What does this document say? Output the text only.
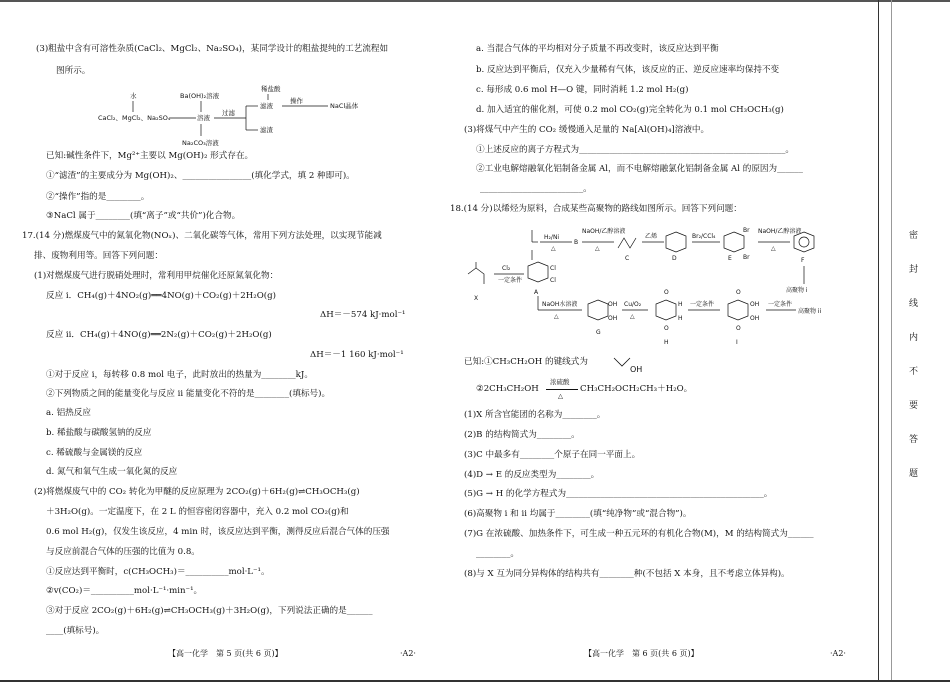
(3)粗盐中含有可溶性杂质(CaCl₂、MgCl₂、Na₂SO₄)，某同学设计的粗盐提纯的工艺流程如
图所示。
水
CaCl₂、MgCl₂、Na₂SO₄
Ba(OH)₂溶液
溶液
Na₂CO₃溶液
过滤
滤液
滤渣
稀盐酸
操作
NaCl晶体
已知:碱性条件下，Mg²⁺主要以 Mg(OH)₂ 形式存在。
①“滤渣”的主要成分为 Mg(OH)₂、________________(填化学式，填 2 种即可)。
②“操作”指的是________。
③NaCl 属于________(填“离子”或“共价”)化合物。
17.(14 分)燃煤废气中的氮氧化物(NOₓ)、二氧化碳等气体，常用下列方法处理，以实现节能减
排、废物利用等。回答下列问题：
(1)对燃煤废气进行脱硝处理时，常利用甲烷催化还原氮氧化物：
反应 i．CH₄(g)＋4NO₂(g)══4NO(g)＋CO₂(g)＋2H₂O(g)
ΔH＝－574 kJ·mol⁻¹
反应 ii．CH₄(g)＋4NO(g)══2N₂(g)＋CO₂(g)＋2H₂O(g)
ΔH＝－1 160 kJ·mol⁻¹
①对于反应 i，每转移 0.8 mol 电子，此时放出的热量为________kJ。
②下列物质之间的能量变化与反应 ii 能量变化不符的是________(填标号)。
a. 铝热反应
b. 稀盐酸与碳酸氢钠的反应
c. 稀硫酸与金属镁的反应
d. 氮气和氧气生成一氧化氮的反应
(2)将燃煤废气中的 CO₂ 转化为甲醚的反应原理为 2CO₂(g)＋6H₂(g)⇌CH₃OCH₃(g)
＋3H₂O(g)。一定温度下，在 2 L 的恒容密闭容器中，充入 0.2 mol CO₂(g)和
0.6 mol H₂(g)，仅发生该反应，4 min 时，该反应达到平衡，测得反应后混合气体的压强
与反应前混合气体的压强的比值为 0.8。
①反应达到平衡时，c(CH₃OCH₃)＝__________mol·L⁻¹。
②v(CO₂)＝__________mol·L⁻¹·min⁻¹。
③对于反应 2CO₂(g)＋6H₂(g)⇌CH₃OCH₃(g)＋3H₂O(g)，下列说法正确的是______
____(填标号)。
【高一化学　第 5 页(共 6 页)】	·A2·
a. 当混合气体的平均相对分子质量不再改变时，该反应达到平衡
b. 反应达到平衡后，仅充入少量稀有气体，该反应的正、逆反应速率均保持不变
c. 每形成 0.6 mol H—O 键，同时消耗 1.2 mol H₂(g)
d. 加入适宜的催化剂，可使 0.2 mol CO₂(g)完全转化为 0.1 mol CH₃OCH₃(g)
(3)将煤气中产生的 CO₂ 缓慢通入足量的 Na[Al(OH)₄]溶液中。
①上述反应的离子方程式为________________________________________________。
②工业电解熔融氧化铝制备金属 Al，而不电解熔融氯化铝制备金属 Al 的原因为______
________________________。
18.(14 分)以烯烃为原料，合成某些高聚物的路线如图所示。回答下列问题：
H₂/Ni
△
B
NaOH/乙醇溶液
△
C
乙烯
D
Br₂/CCl₄
Br
Br
E
NaOH/乙醇溶液
△
F
高聚物 i
X
Cl₂
一定条件
Cl
Cl
A
NaOH水溶液
△
OH
OH
G
Cu/O₂
△
O
O
H
H
H
一定条件
O
O
OH
OH
I
一定条件
高聚物 ii
已知:①CH₃CH₂OH 的键线式为
OH
②2CH₃CH₂OH
浓硫酸
△
CH₃CH₂OCH₂CH₃＋H₂O。
(1)X 所含官能团的名称为________。
(2)B 的结构简式为________。
(3)C 中最多有________个原子在同一平面上。
(4)D → E 的反应类型为________。
(5)G → H 的化学方程式为______________________________________________。
(6)高聚物 i 和 ii 均属于________(填“纯净物”或“混合物”)。
(7)G 在浓硫酸、加热条件下，可生成一种五元环的有机化合物(M)，M 的结构简式为______
________。
(8)与 X 互为同分异构体的结构共有________种(不包括 X 本身，且不考虑立体异构)。
【高一化学　第 6 页(共 6 页)】	·A2·
密
封
线
内
不
要
答
题
